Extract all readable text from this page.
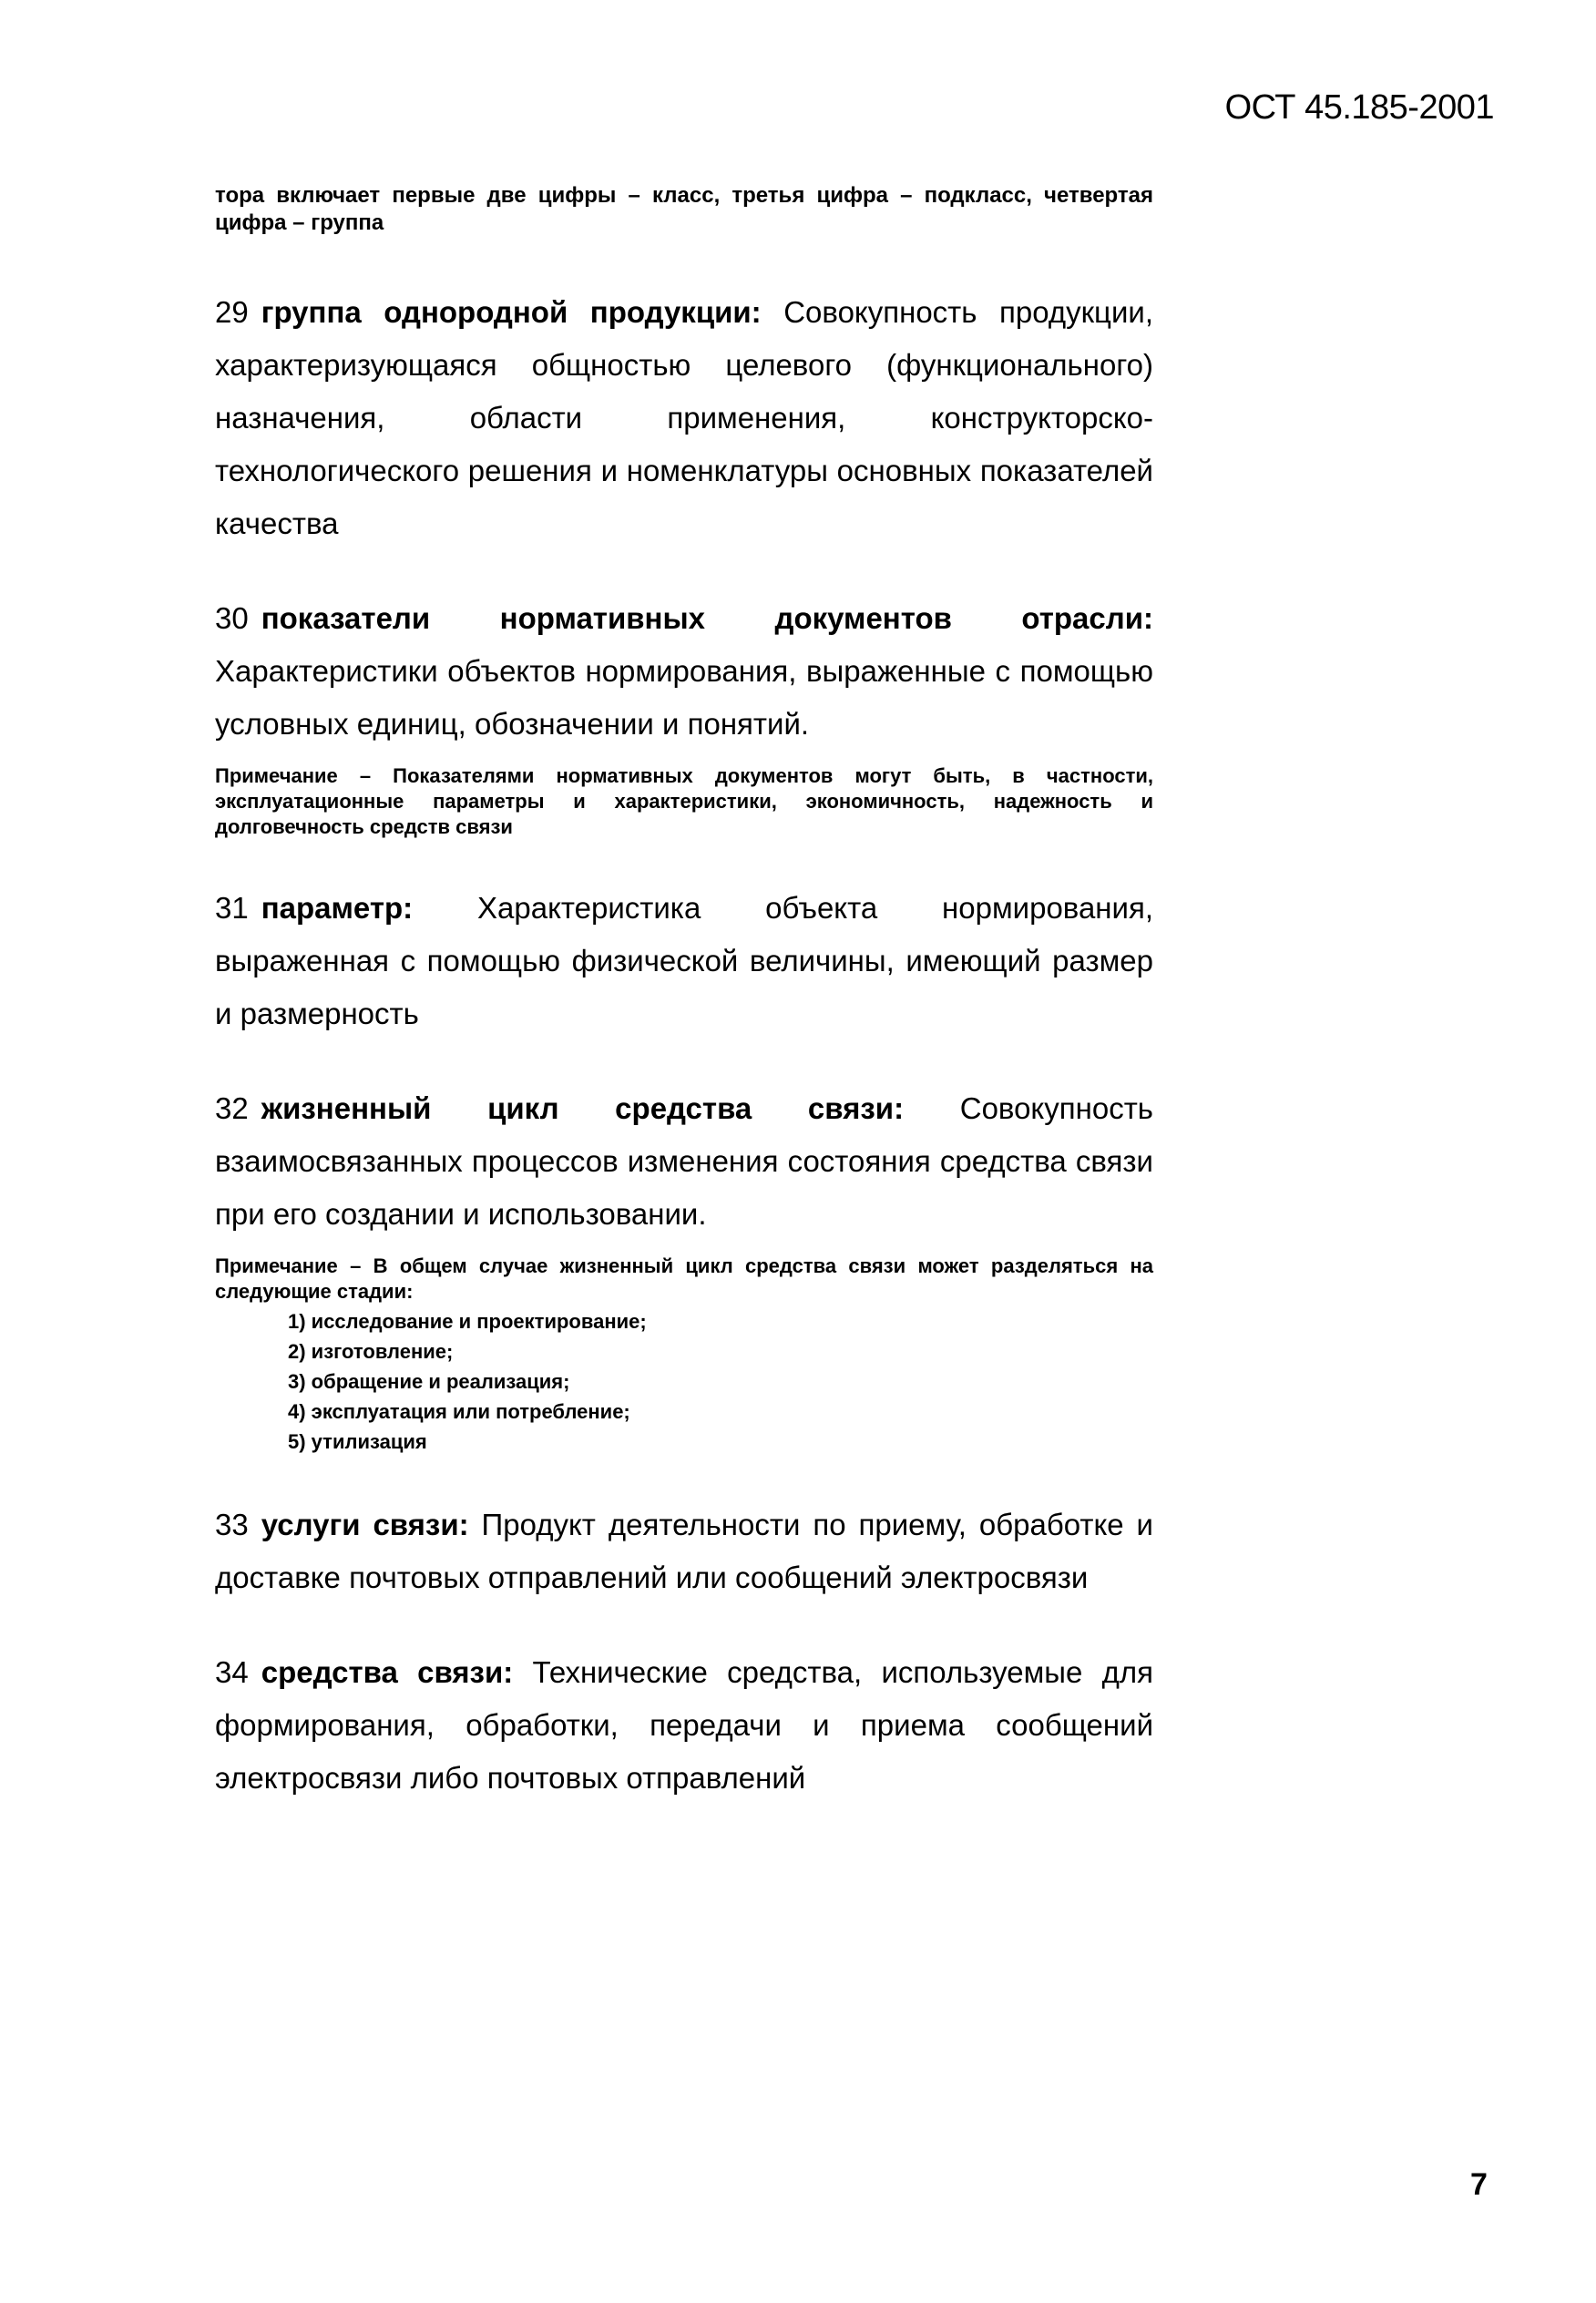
ОСТ 45.185-2001

тора включает первые две цифры – класс, третья цифра – подкласс, четвертая цифра – группа

29 группа однородной продукции: Совокупность продукции, характеризующаяся общностью целевого (функционального) назначения, области применения, конструкторско-технологического решения и номенклатуры основных показателей качества

30 показатели нормативных документов отрасли: Характеристики объектов нормирования, выраженные с помощью условных единиц, обозначении и понятий.

Примечание – Показателями нормативных документов могут быть, в частности, эксплуатационные параметры и характеристики, экономичность, надежность и долговечность средств связи

31 параметр: Характеристика объекта нормирования, выраженная с помощью физической величины, имеющий размер и размерность

32 жизненный цикл средства связи: Совокупность взаимосвязанных процессов изменения состояния средства связи при его создании и использовании.

Примечание – В общем случае жизненный цикл средства связи может разделяться на следующие стадии:

1) исследование и проектирование;
2) изготовление;
3) обращение и реализация;
4) эксплуатация или потребление;
5) утилизация

33 услуги связи: Продукт деятельности по приему, обработке и доставке почтовых отправлений или сообщений электросвязи

34 средства связи: Технические средства, используемые для формирования, обработки, передачи и приема сообщений электросвязи либо почтовых отправлений

7
